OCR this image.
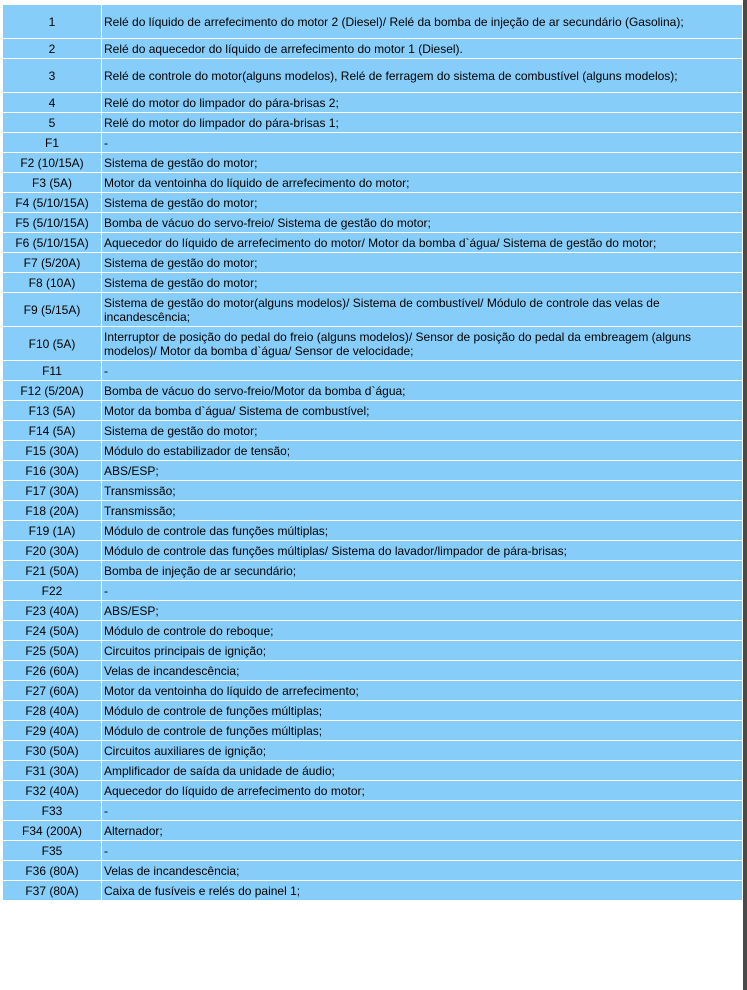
1	Relé do líquido de arrefecimento do motor 2 (Diesel)/ Relé da bomba de injeção de ar secundário (Gasolina);
2	Relé do aquecedor do líquido de arrefecimento do motor 1 (Diesel).
3	Relé de controle do motor(alguns modelos), Relé de ferragem do sistema de combustível (alguns modelos);
4	Relé do motor do limpador do pára-brisas 2;
5	Relé do motor do limpador do pára-brisas 1;
F1	-
F2 (10/15A)	Sistema de gestão do motor;
F3 (5A)	Motor da ventoinha do líquido de arrefecimento do motor;
F4 (5/10/15A)	Sistema de gestão do motor;
F5 (5/10/15A)	Bomba de vácuo do servo-freio/ Sistema de gestão do motor;
F6 (5/10/15A)	Aquecedor do líquido de arrefecimento do motor/ Motor da bomba d`água/ Sistema de gestão do motor;
F7 (5/20A)	Sistema de gestão do motor;
F8 (10A)	Sistema de gestão do motor;
F9 (5/15A)	Sistema de gestão do motor(alguns modelos)/ Sistema de combustível/ Módulo de controle das velas de incandescência;
F10 (5A)	Interruptor de posição do pedal do freio (alguns modelos)/ Sensor de posição do pedal da embreagem (alguns modelos)/ Motor da bomba d`água/ Sensor de velocidade;
F11	-
F12 (5/20A)	Bomba de vácuo do servo-freio/Motor da bomba d`água;
F13 (5A)	Motor da bomba d`água/ Sistema de combustível;
F14 (5A)	Sistema de gestão do motor;
F15 (30A)	Módulo do estabilizador de tensão;
F16 (30A)	ABS/ESP;
F17 (30A)	Transmissão;
F18 (20A)	Transmissão;
F19 (1A)	Módulo de controle das funções múltiplas;
F20 (30A)	Módulo de controle das funções múltiplas/ Sistema do lavador/limpador de pára-brisas;
F21 (50A)	Bomba de injeção de ar secundário;
F22	-
F23 (40A)	ABS/ESP;
F24 (50A)	Módulo de controle do reboque;
F25 (50A)	Circuitos principais de ignição;
F26 (60A)	Velas de incandescência;
F27 (60A)	Motor da ventoinha do líquido de arrefecimento;
F28 (40A)	Módulo de controle de funções múltiplas;
F29 (40A)	Módulo de controle de funções múltiplas;
F30 (50A)	Circuitos auxiliares de ignição;
F31 (30A)	Amplificador de saída da unidade de áudio;
F32 (40A)	Aquecedor do líquido de arrefecimento do motor;
F33	-
F34 (200A)	Alternador;
F35	-
F36 (80A)	Velas de incandescência;
F37 (80A)	Caixa de fusíveis e relés do painel 1;
